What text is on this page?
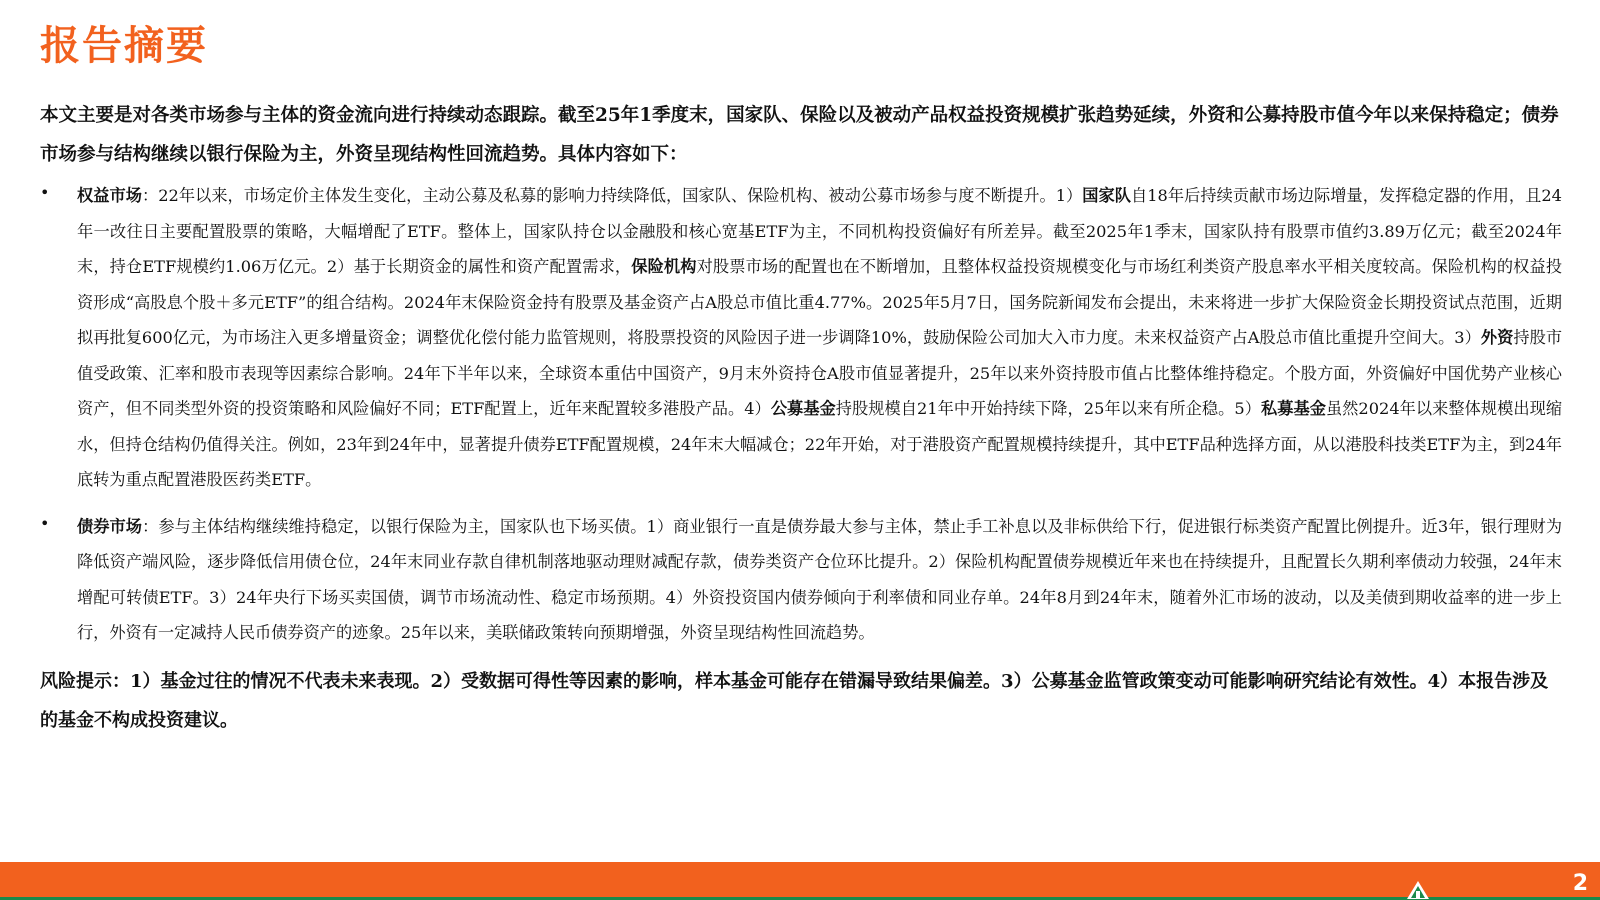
报告摘要

本文主要是对各类市场参与主体的资金流向进行持续动态跟踪。截至25年1季度末，国家队、保险以及被动产品权益投资规模扩张趋势延续，外资和公募持股市值今年以来保持稳定；债券市场参与结构继续以银行保险为主，外资呈现结构性回流趋势。具体内容如下：

• 权益市场：22年以来，市场定价主体发生变化，主动公募及私募的影响力持续降低，国家队、保险机构、被动公募市场参与度不断提升。1）国家队自18年后持续贡献市场边际增量，发挥稳定器的作用，且24年一改往日主要配置股票的策略，大幅增配了ETF。整体上，国家队持仓以金融股和核心宽基ETF为主，不同机构投资偏好有所差异。截至2025年1季末，国家队持有股票市值约3.89万亿元；截至2024年末，持仓ETF规模约1.06万亿元。2）基于长期资金的属性和资产配置需求，保险机构对股票市场的配置也在不断增加，且整体权益投资规模变化与市场红利类资产股息率水平相关度较高。保险机构的权益投资形成“高股息个股＋多元ETF”的组合结构。2024年末保险资金持有股票及基金资产占A股总市值比重4.77%。2025年5月7日，国务院新闻发布会提出，未来将进一步扩大保险资金长期投资试点范围，近期拟再批复600亿元，为市场注入更多增量资金；调整优化偿付能力监管规则，将股票投资的风险因子进一步调降10%，鼓励保险公司加大入市力度。未来权益资产占A股总市值比重提升空间大。3）外资持股市值受政策、汇率和股市表现等因素综合影响。24年下半年以来，全球资本重估中国资产，9月末外资持仓A股市值显著提升，25年以来外资持股市值占比整体维持稳定。个股方面，外资偏好中国优势产业核心资产，但不同类型外资的投资策略和风险偏好不同；ETF配置上，近年来配置较多港股产品。4）公募基金持股规模自21年中开始持续下降，25年以来有所企稳。5）私募基金虽然2024年以来整体规模出现缩水，但持仓结构仍值得关注。例如，23年到24年中，显著提升债券ETF配置规模，24年末大幅减仓；22年开始，对于港股资产配置规模持续提升，其中ETF品种选择方面，从以港股科技类ETF为主，到24年底转为重点配置港股医药类ETF。
• 债券市场：参与主体结构继续维持稳定，以银行保险为主，国家队也下场买债。1）商业银行一直是债券最大参与主体，禁止手工补息以及非标供给下行，促进银行标类资产配置比例提升。近3年，银行理财为降低资产端风险，逐步降低信用债仓位，24年末同业存款自律机制落地驱动理财减配存款，债券类资产仓位环比提升。2）保险机构配置债券规模近年来也在持续提升，且配置长久期利率债动力较强，24年末增配可转债ETF。3）24年央行下场买卖国债，调节市场流动性、稳定市场预期。4）外资投资国内债券倾向于利率债和同业存单。24年8月到24年末，随着外汇市场的波动，以及美债到期收益率的进一步上行，外资有一定减持人民币债券资产的迹象。25年以来，美联储政策转向预期增强，外资呈现结构性回流趋势。

风险提示：1）基金过往的情况不代表未来表现。2）受数据可得性等因素的影响，样本基金可能存在错漏导致结果偏差。3）公募基金监管政策变动可能影响研究结论有效性。4）本报告涉及的基金不构成投资建议。

2
